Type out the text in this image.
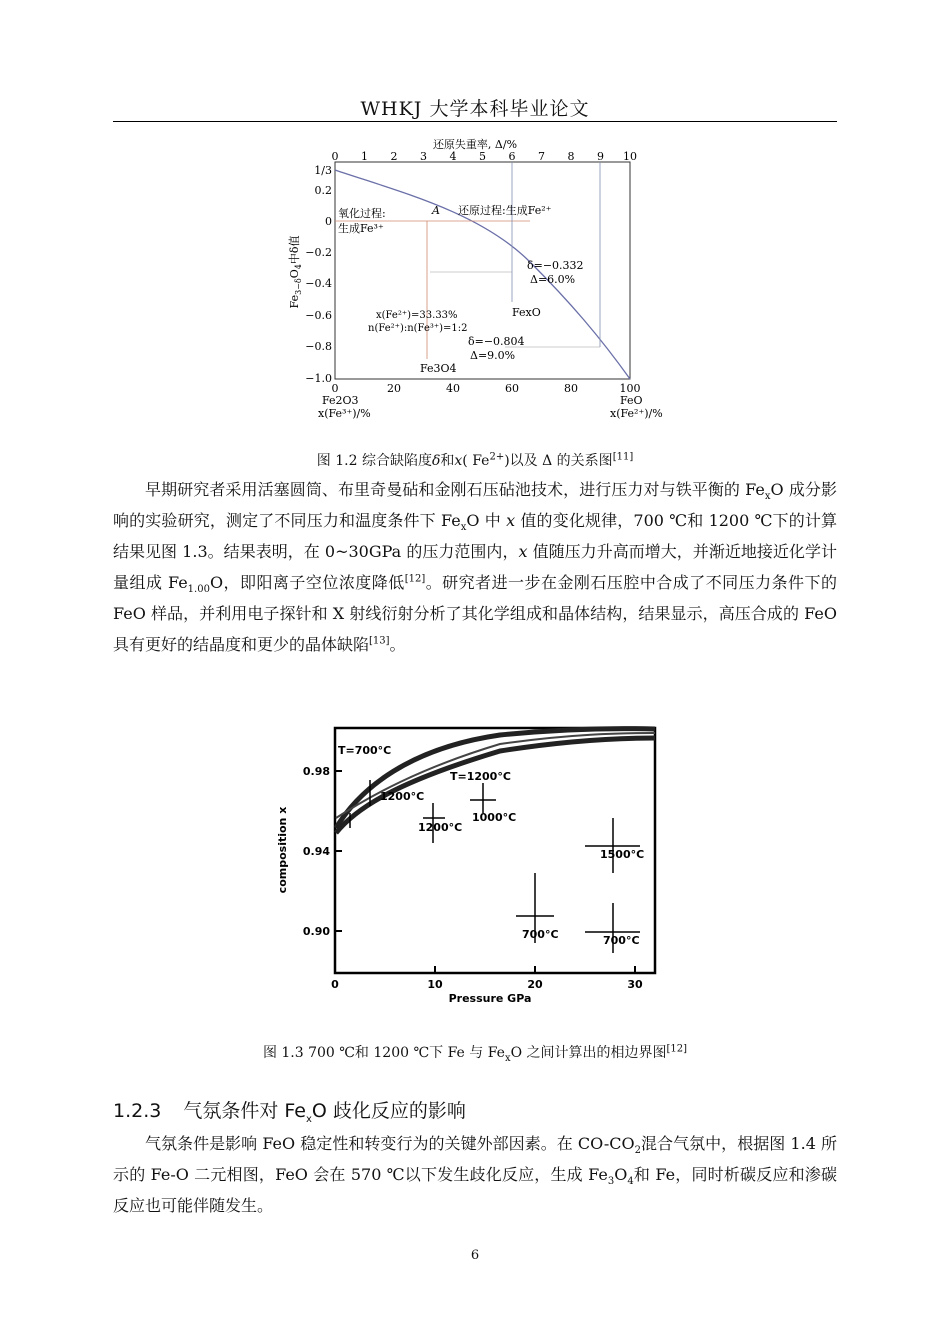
WHKJ 大学本科毕业论文
还原失重率, Δ/%
0 1 2 3 4 5 6 7 8 9 10
1/3
0.2
0
−0.2
−0.4
−0.6
−0.8
−1.0
0	20	40	60	80	100
$Fe_{3-\delta}O_4$中δ值
氧化过程:
生成Fe³⁺
A 还原过程:生成Fe²⁺
δ=−0.332
Δ=6.0%
FexO
x(Fe²⁺)=33.33%
n(Fe²⁺):n(Fe³⁺)=1:2
δ=−0.804
Δ=9.0%
Fe3O4
Fe2O3
x(Fe³⁺)/%
FeO
x(Fe²⁺)/%
图 1.2 综合缺陷度δ和x( $Fe^{2+}$)以及 Δ 的关系图[11]

早期研究者采用活塞圆筒、布里奇曼砧和金刚石压砧池技术，进行压力对与铁平衡的 $Fe_xO$ 成分影响的实验研究，测定了不同压力和温度条件下 $Fe_xO$ 中 x 值的变化规律，700 ℃和 1200 ℃下的计算结果见图 1.3。结果表明，在 0~30GPa 的压力范围内，x 值随压力升高而增大，并渐近地接近化学计量组成 $Fe_{1.00}O$，即阳离子空位浓度降低[12]。研究者进一步在金刚石压腔中合成了不同压力条件下的 FeO 样品，并利用电子探针和 X 射线衍射分析了其化学组成和晶体结构，结果显示，高压合成的 FeO 具有更好的结晶度和更少的晶体缺陷[13]。

0.98
0.94
0.90
0	10	20	30
composition x
Pressure GPa
T=700°C
T=1200°C
1200°C
1200°C
1000°C
1500°C
700°C	700°C
图 1.3 700 ℃和 1200 ℃下 Fe 与 $Fe_xO$ 之间计算出的相边界图[12]
1.2.3 气氛条件对 $Fe_xO$ 歧化反应的影响

气氛条件是影响 FeO 稳定性和转变行为的关键外部因素。在 $CO-CO_2$混合气氛中，根据图 1.4 所示的 Fe-O 二元相图，FeO 会在 570 ℃以下发生歧化反应，生成 $Fe_3O_4$和 Fe，同时析碳反应和渗碳反应也可能伴随发生。

6
